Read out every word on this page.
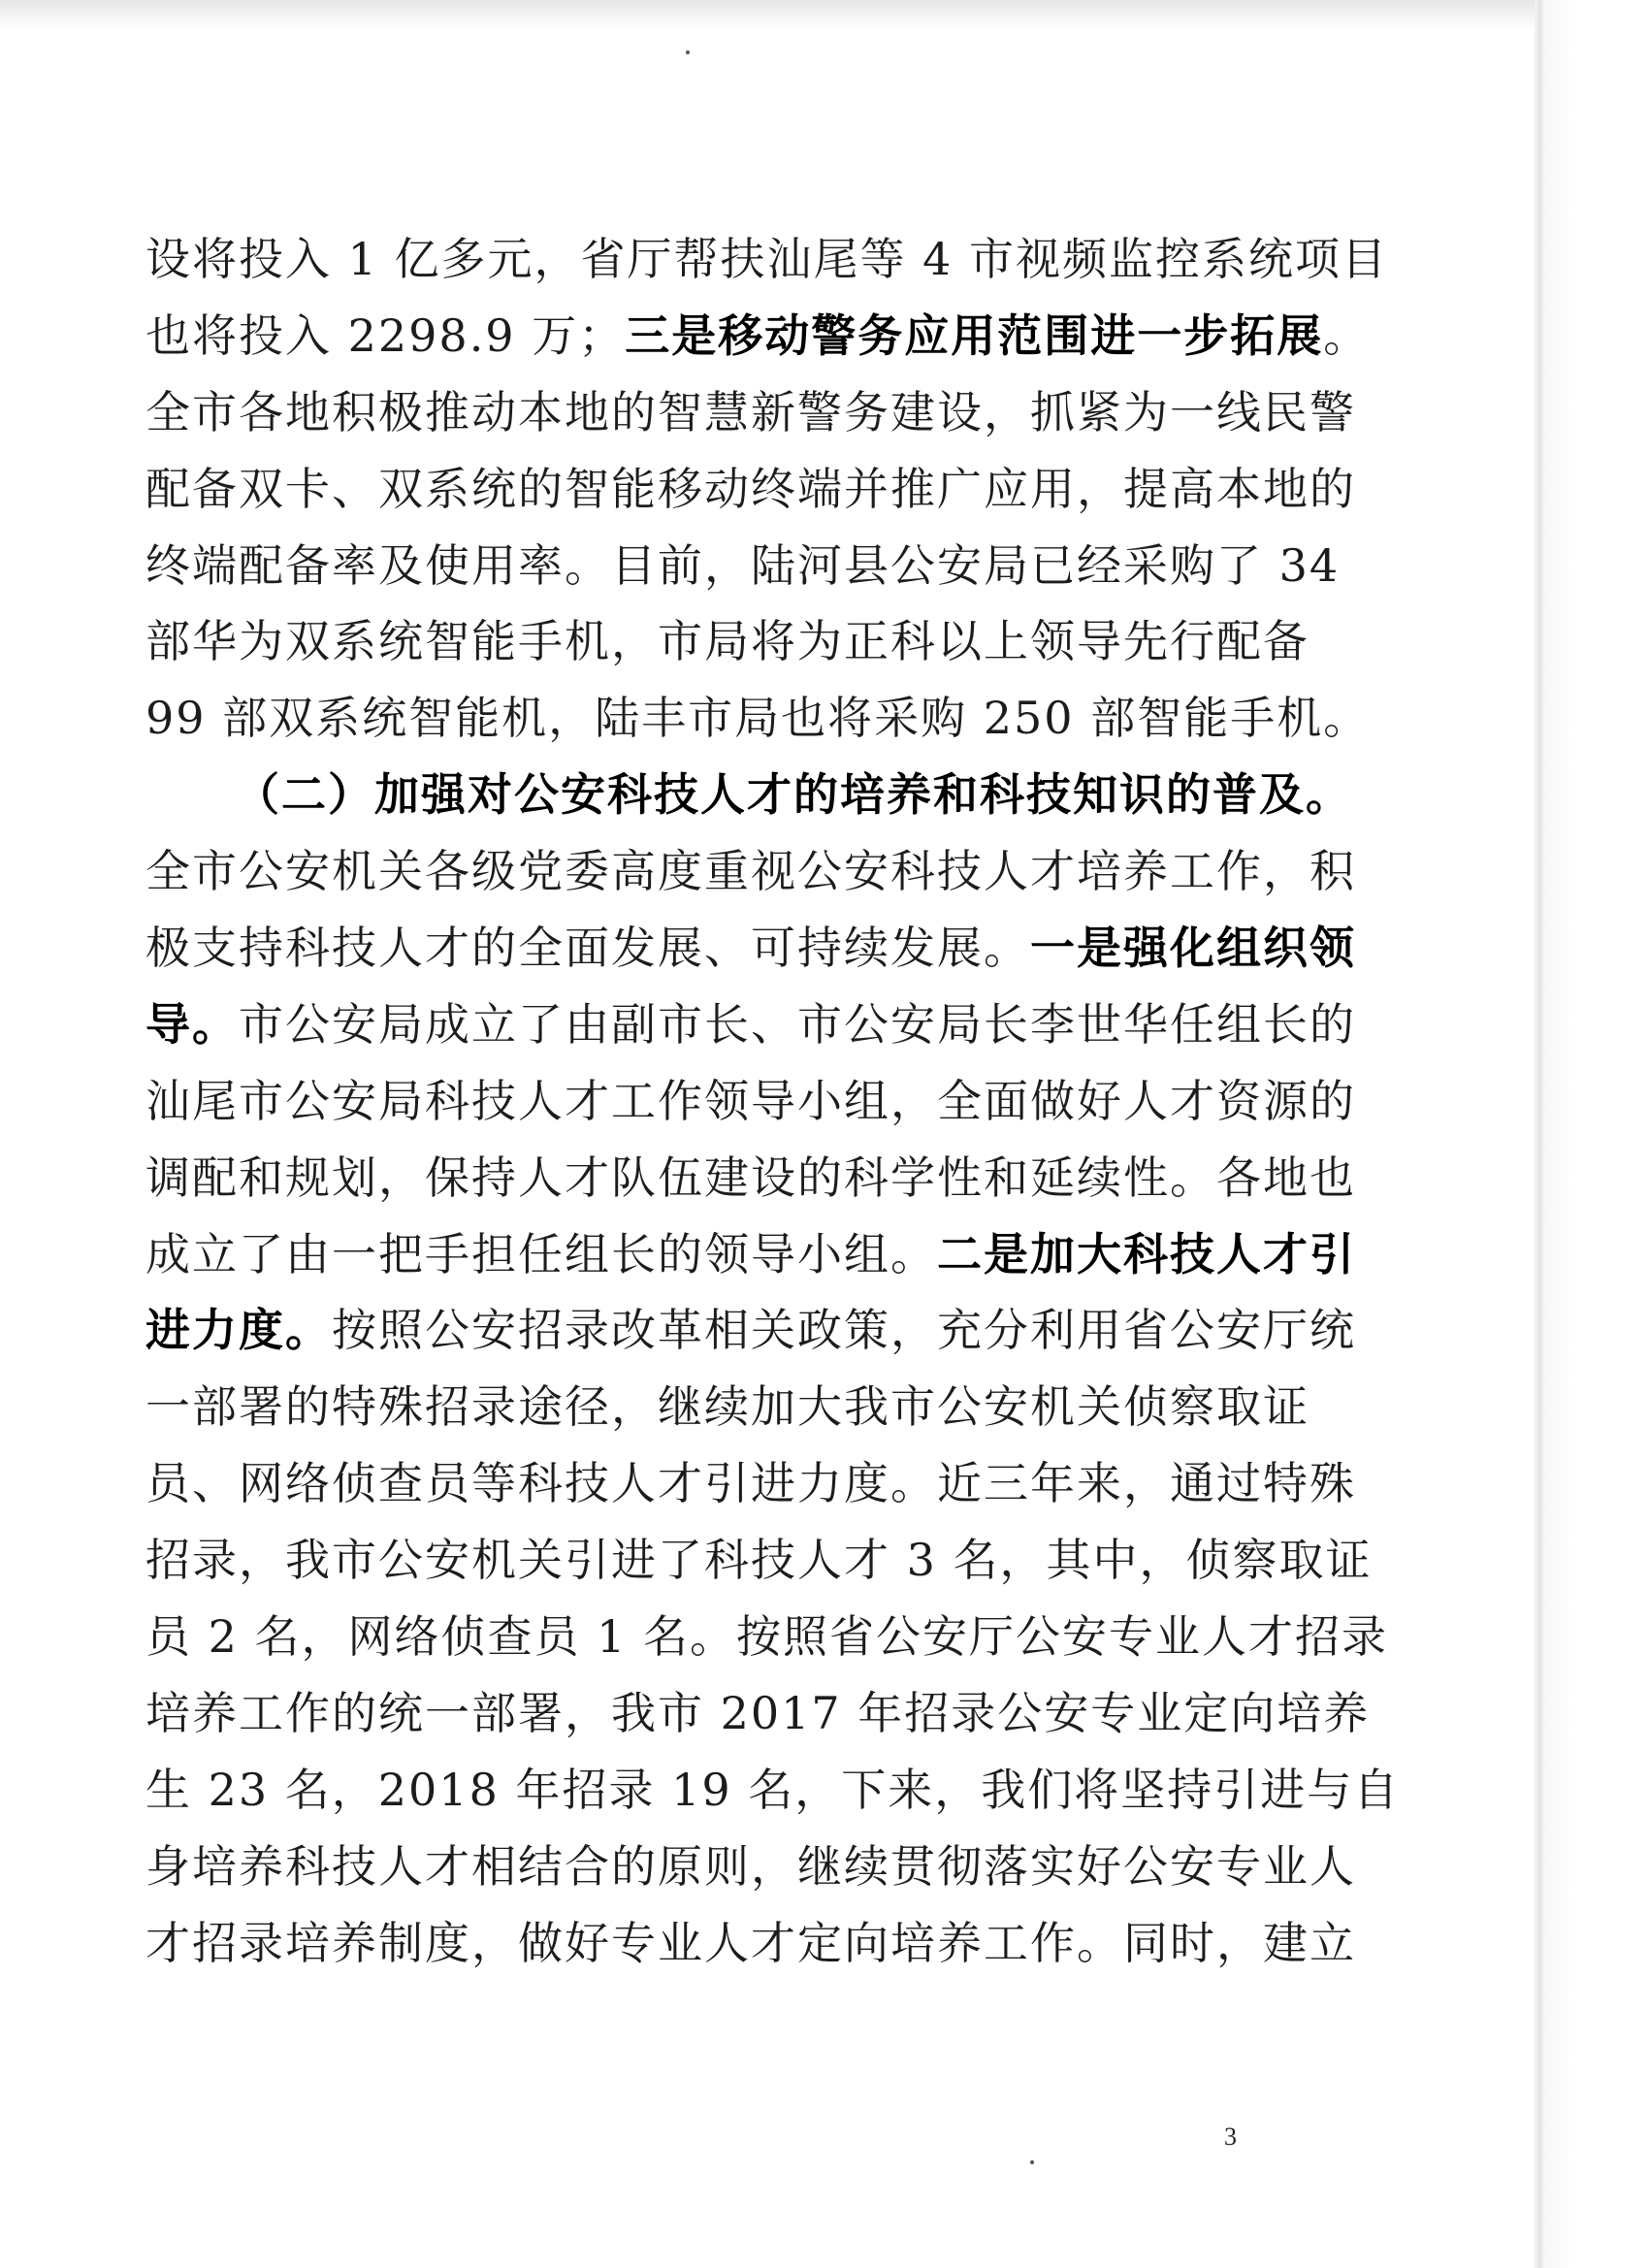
设将投入 1 亿多元，省厅帮扶汕尾等 4 市视频监控系统项目
也将投入 2298.9 万；三是移动警务应用范围进一步拓展。
全市各地积极推动本地的智慧新警务建设，抓紧为一线民警
配备双卡、双系统的智能移动终端并推广应用，提高本地的
终端配备率及使用率。目前，陆河县公安局已经采购了 34
部华为双系统智能手机，市局将为正科以上领导先行配备
99 部双系统智能机，陆丰市局也将采购 250 部智能手机。
（二）加强对公安科技人才的培养和科技知识的普及。
全市公安机关各级党委高度重视公安科技人才培养工作，积
极支持科技人才的全面发展、可持续发展。一是强化组织领
导。市公安局成立了由副市长、市公安局长李世华任组长的
汕尾市公安局科技人才工作领导小组，全面做好人才资源的
调配和规划，保持人才队伍建设的科学性和延续性。各地也
成立了由一把手担任组长的领导小组。二是加大科技人才引
进力度。按照公安招录改革相关政策，充分利用省公安厅统
一部署的特殊招录途径，继续加大我市公安机关侦察取证
员、网络侦查员等科技人才引进力度。近三年来，通过特殊
招录，我市公安机关引进了科技人才 3 名，其中，侦察取证
员 2 名，网络侦查员 1 名。按照省公安厅公安专业人才招录
培养工作的统一部署，我市 2017 年招录公安专业定向培养
生 23 名，2018 年招录 19 名，下来，我们将坚持引进与自
身培养科技人才相结合的原则，继续贯彻落实好公安专业人
才招录培养制度，做好专业人才定向培养工作。同时，建立
3
